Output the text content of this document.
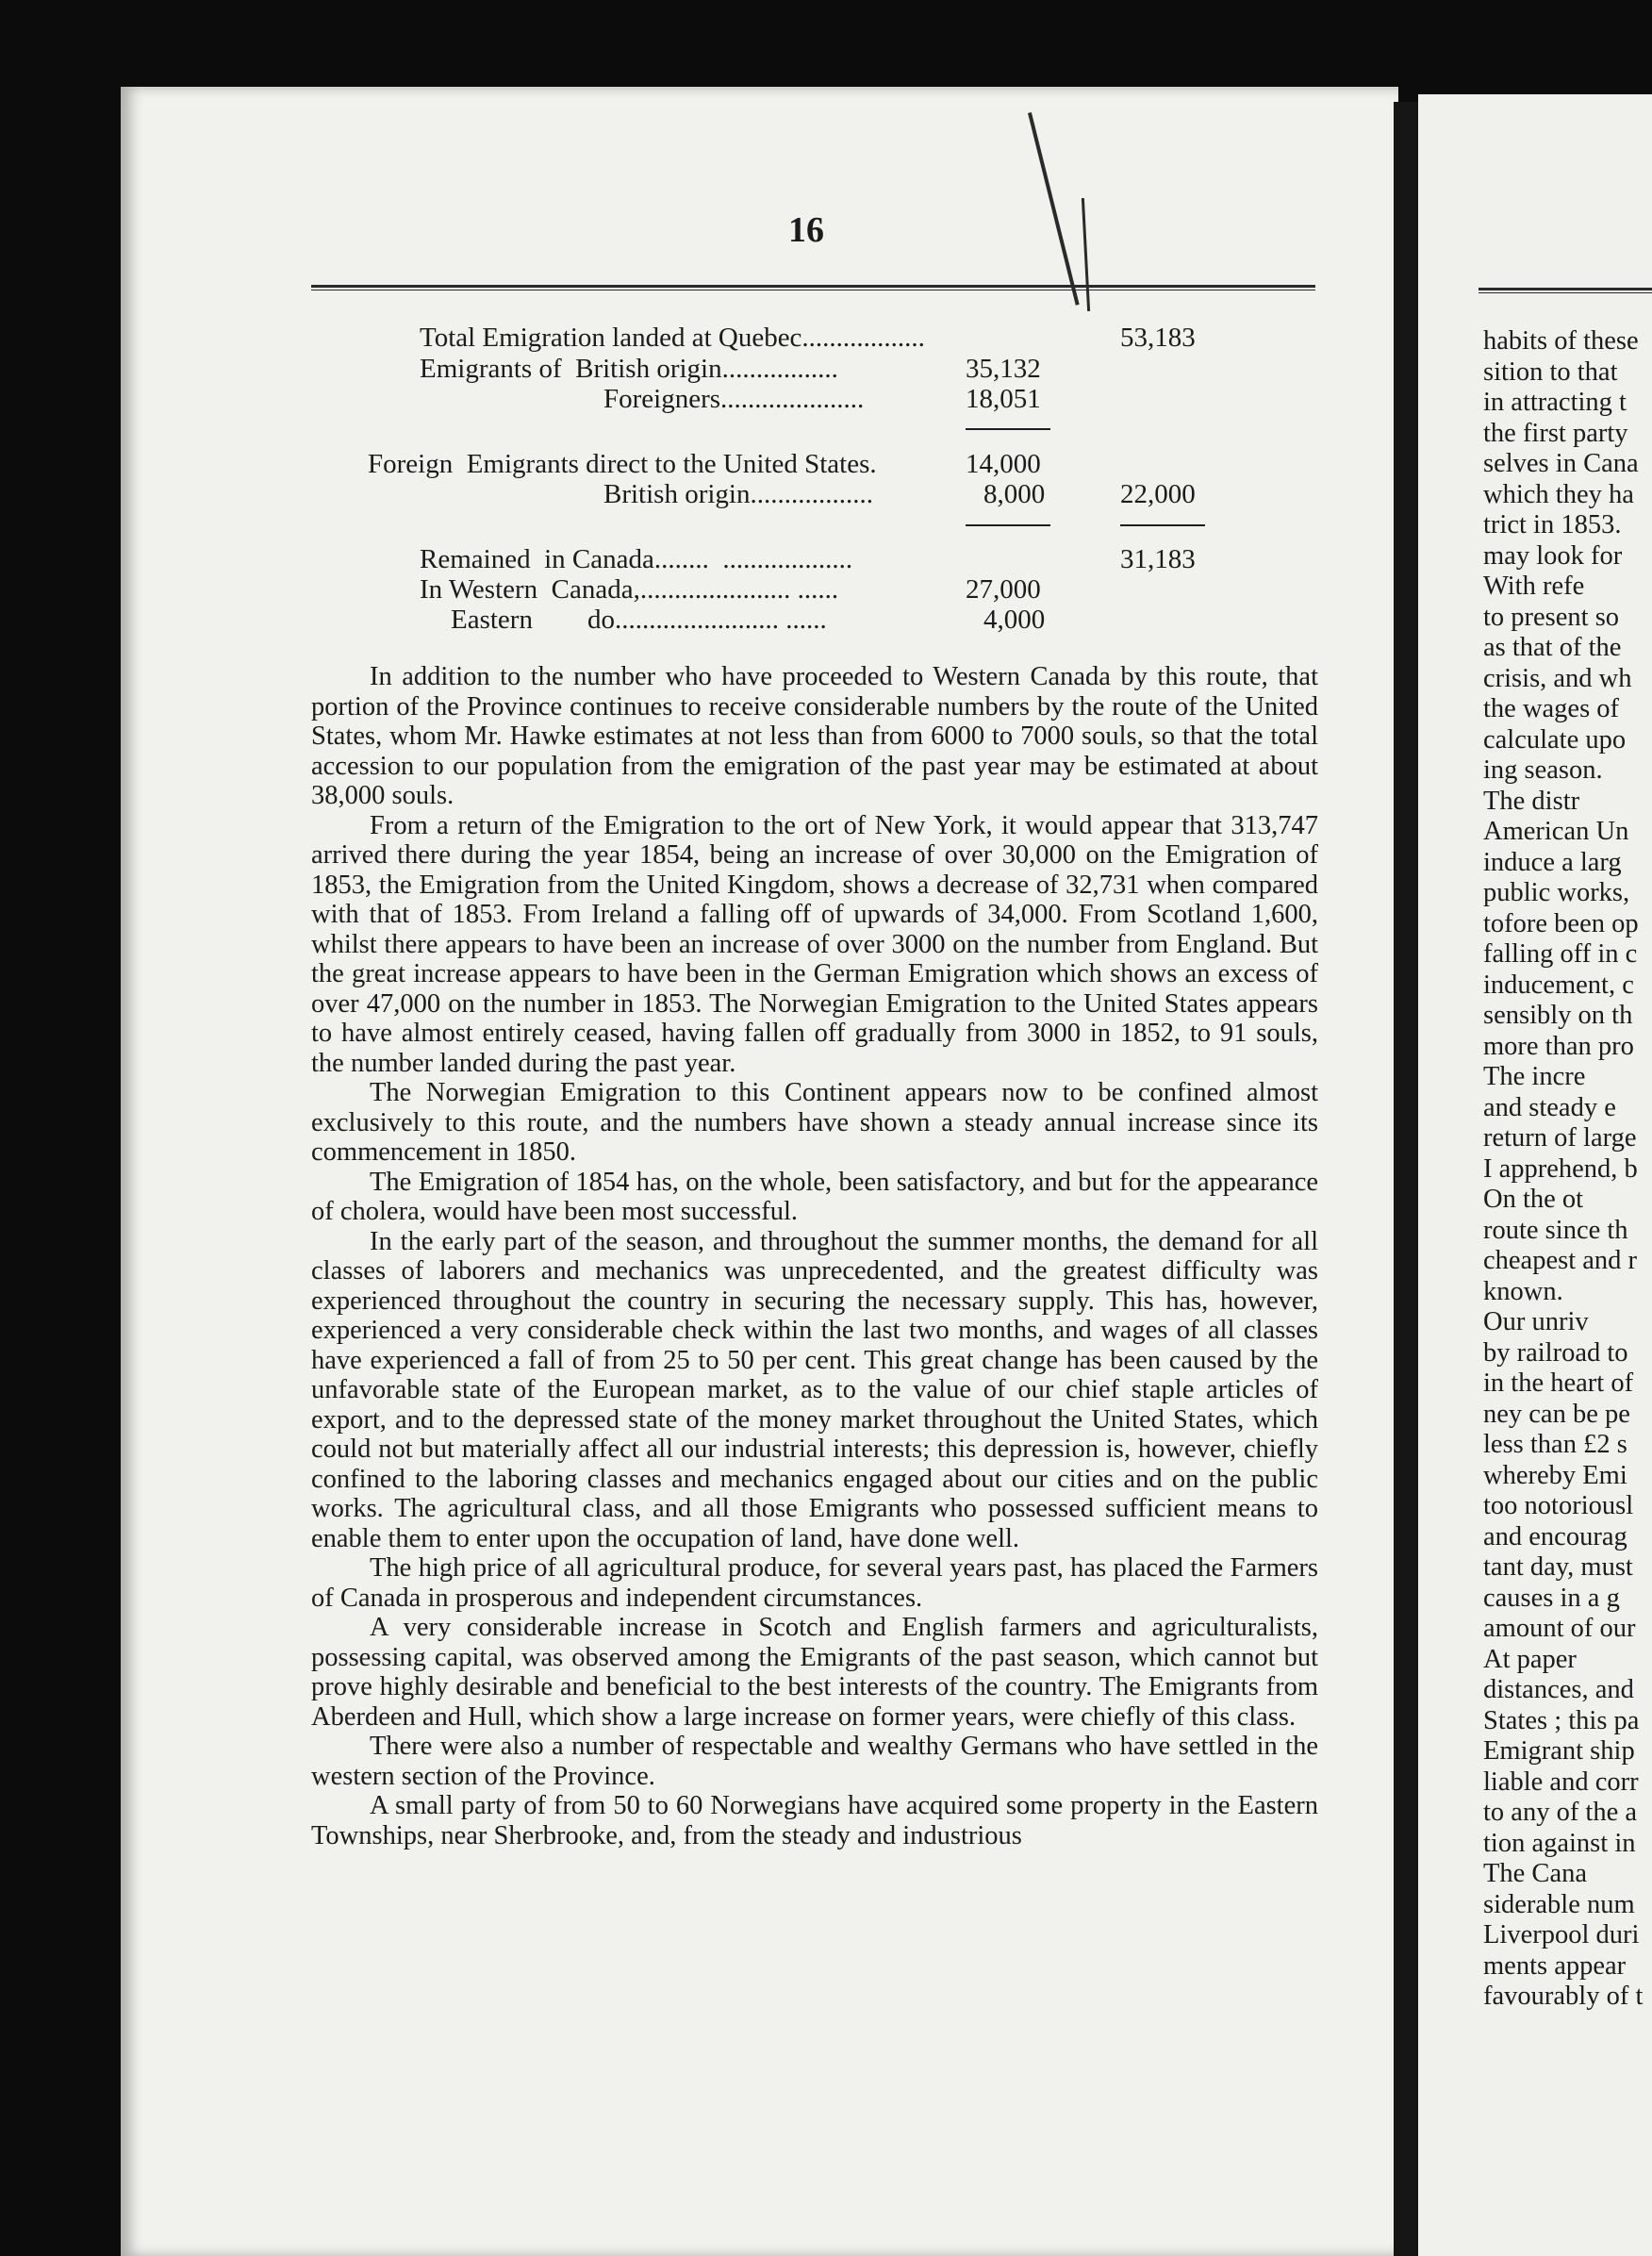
habits of these
sition to that
in attracting t
the first party
selves in Cana
which they ha
trict in 1853.
may look for
With refe
to present so
as that of the
crisis, and wh
the wages of
calculate upo
ing season.
The distr
American Un
induce a larg
public works,
tofore been op
falling off in c
inducement, c
sensibly on th
more than pro
The incre
and steady e
return of large
I apprehend, b
On the ot
route since th
cheapest and r
known.
Our unriv
by railroad to
in the heart of
ney can be pe
less than £2 s
whereby Emi
too notoriousl
and encourag
tant day, must
causes in a g
amount of our
At paper
distances, and
States ; this pa
Emigrant ship
liable and corr
to any of the a
tion against in
The Cana
siderable num
Liverpool duri
ments appear
favourably of t
16
Total Emigration landed at Quebec..................	53,183
Emigrants of  British origin.................	35,132
Foreigners.....................	18,051
Foreign  Emigrants direct to the United States.	14,000
British origin..................	8,000	22,000
Remained  in Canada........  ...................	31,183
In Western  Canada,...................... ......	27,000
Eastern        do........................ ......	4,000

In addition to the number who have proceeded to Western Canada by this route, that portion of the Province continues to receive considerable numbers by the route of the United States, whom Mr. Hawke estimates at not less than from 6000 to 7000 souls, so that the total accession to our population from the emigration of the past year may be estimated at about 38,000 souls.

From a return of the Emigration to the ort of New York, it would appear that 313,747 arrived there during the year 1854, being an increase of over 30,000 on the Emigration of 1853, the Emigration from the United Kingdom, shows a decrease of 32,731 when compared with that of 1853. From Ireland a falling off of upwards of 34,000. From Scotland 1,600, whilst there appears to have been an increase of over 3000 on the number from England. But the great increase appears to have been in the German Emigration which shows an excess of over 47,000 on the number in 1853. The Norwegian Emigration to the United States appears to have almost entirely ceased, having fallen off gradually from 3000 in 1852, to 91 souls, the number landed during the past year.

The Norwegian Emigration to this Continent appears now to be confined almost exclusively to this route, and the numbers have shown a steady annual increase since its commencement in 1850.

The Emigration of 1854 has, on the whole, been satisfactory, and but for the appearance of cholera, would have been most successful.

In the early part of the season, and throughout the summer months, the demand for all classes of laborers and mechanics was unprecedented, and the greatest difficulty was experienced throughout the country in securing the necessary supply. This has, however, experienced a very considerable check within the last two months, and wages of all classes have experienced a fall of from 25 to 50 per cent. This great change has been caused by the unfavorable state of the European market, as to the value of our chief staple articles of export, and to the depressed state of the money market throughout the United States, which could not but materially affect all our industrial interests; this depression is, however, chiefly confined to the laboring classes and mechanics engaged about our cities and on the public works. The agricultural class, and all those Emigrants who possessed sufficient means to enable them to enter upon the occupation of land, have done well.

The high price of all agricultural produce, for several years past, has placed the Farmers of Canada in prosperous and independent circumstances.

A very considerable increase in Scotch and English farmers and agriculturalists, possessing capital, was observed among the Emigrants of the past season, which cannot but prove highly desirable and beneficial to the best interests of the country. The Emigrants from Aberdeen and Hull, which show a large increase on former years, were chiefly of this class.

There were also a number of respectable and wealthy Germans who have settled in the western section of the Province.

A small party of from 50 to 60 Norwegians have acquired some property in the Eastern Townships, near Sherbrooke, and, from the steady and industrious
